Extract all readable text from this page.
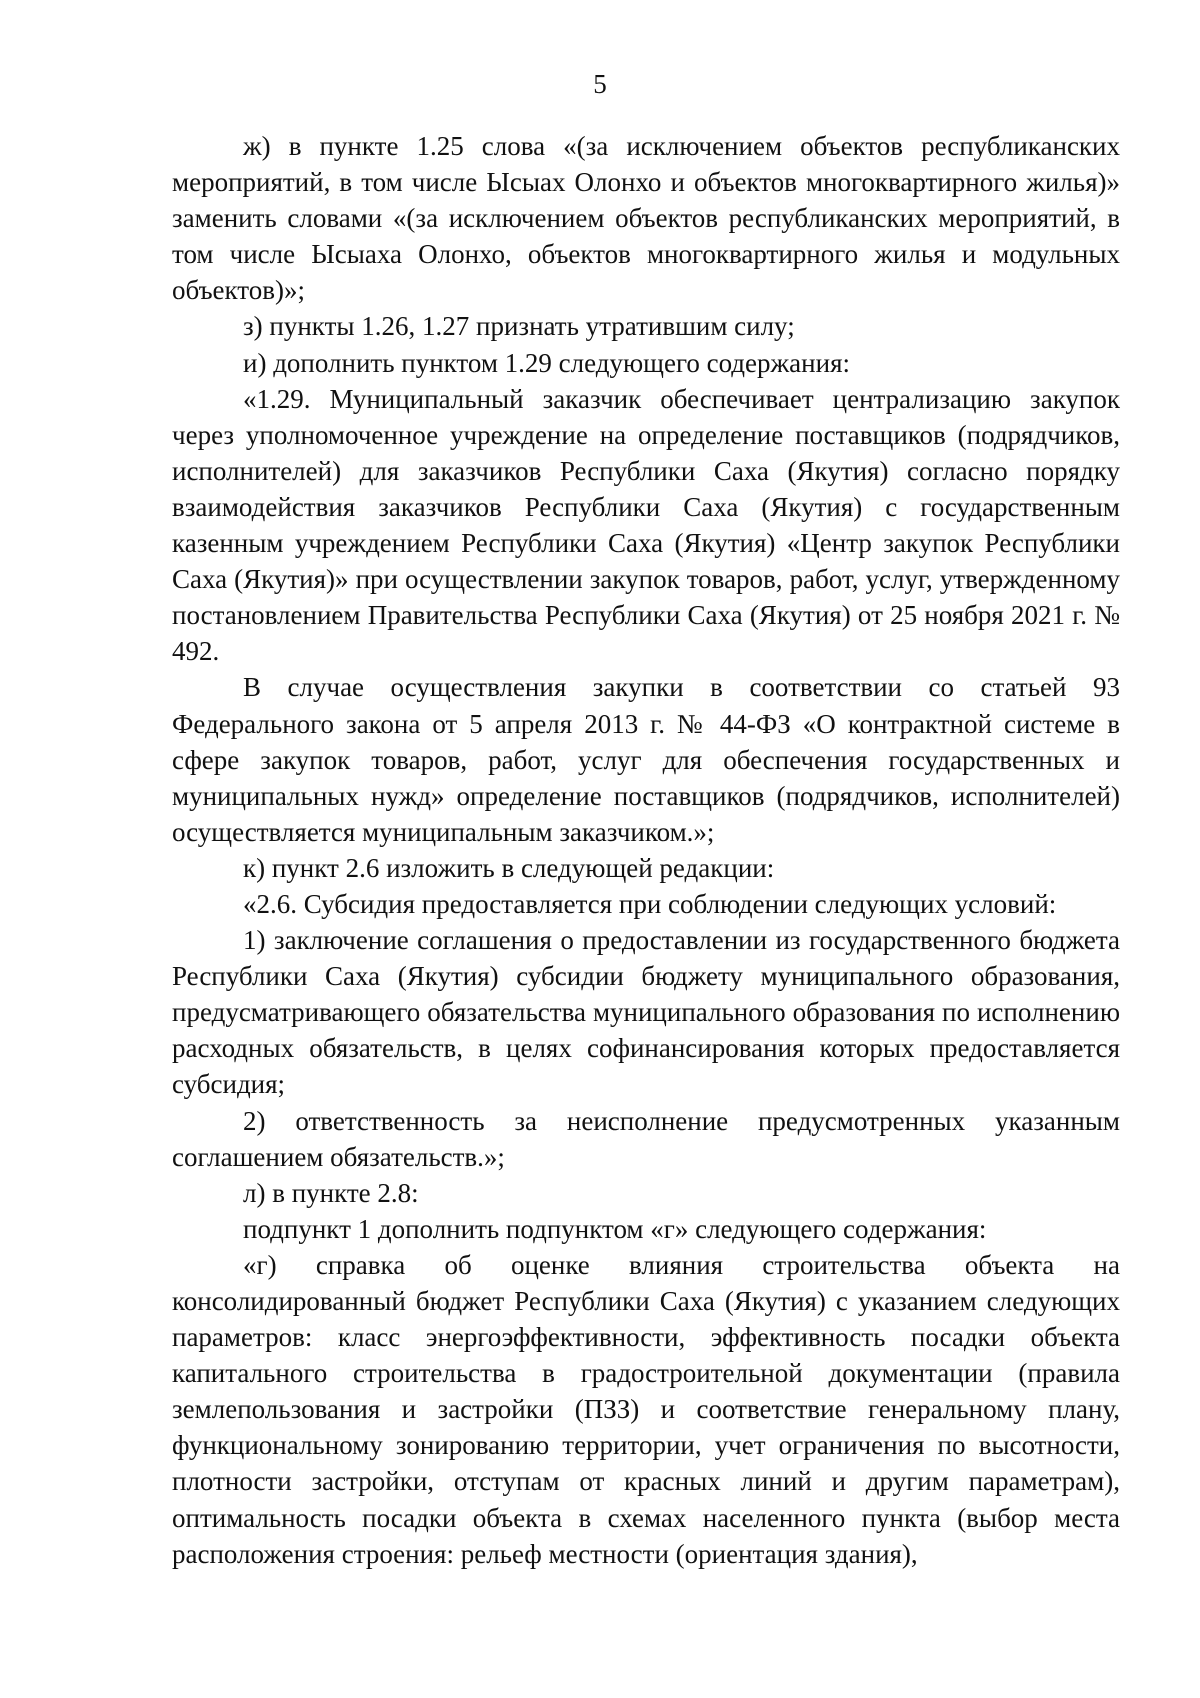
5

ж) в пункте 1.25 слова «(за исключением объектов республиканских мероприятий, в том числе Ысыах Олонхо и объектов многоквартирного жилья)» заменить словами «(за исключением объектов республиканских мероприятий, в том числе Ысыаха Олонхо, объектов многоквартирного жилья и модульных объектов)»;

з) пункты 1.26, 1.27 признать утратившим силу;

и) дополнить пунктом 1.29 следующего содержания:

«1.29. Муниципальный заказчик обеспечивает централизацию закупок через уполномоченное учреждение на определение поставщиков (подрядчиков, исполнителей) для заказчиков Республики Саха (Якутия) согласно порядку взаимодействия заказчиков Республики Саха (Якутия) с государственным казенным учреждением Республики Саха (Якутия) «Центр закупок Республики Саха (Якутия)» при осуществлении закупок товаров, работ, услуг, утвержденному постановлением Правительства Республики Саха (Якутия) от 25 ноября 2021 г. № 492.

В случае осуществления закупки в соответствии со статьей 93 Федерального закона от 5 апреля 2013 г. № 44-ФЗ «О контрактной системе в сфере закупок товаров, работ, услуг для обеспечения государственных и муниципальных нужд» определение поставщиков (подрядчиков, исполнителей) осуществляется муниципальным заказчиком.»;

к) пункт 2.6 изложить в следующей редакции:

«2.6. Субсидия предоставляется при соблюдении следующих условий:

1) заключение соглашения о предоставлении из государственного бюджета Республики Саха (Якутия) субсидии бюджету муниципального образования, предусматривающего обязательства муниципального образования по исполнению расходных обязательств, в целях софинансирования которых предоставляется субсидия;

2) ответственность за неисполнение предусмотренных указанным соглашением обязательств.»;

л) в пункте 2.8:

подпункт 1 дополнить подпунктом «г» следующего содержания:

«г) справка об оценке влияния строительства объекта на консолидированный бюджет Республики Саха (Якутия) с указанием следующих параметров: класс энергоэффективности, эффективность посадки объекта капитального строительства в градостроительной документации (правила землепользования и застройки (ПЗЗ) и соответствие генеральному плану, функциональному зонированию территории, учет ограничения по высотности, плотности застройки, отступам от красных линий и другим параметрам), оптимальность посадки объекта в схемах населенного пункта (выбор места расположения строения: рельеф местности (ориентация здания),
